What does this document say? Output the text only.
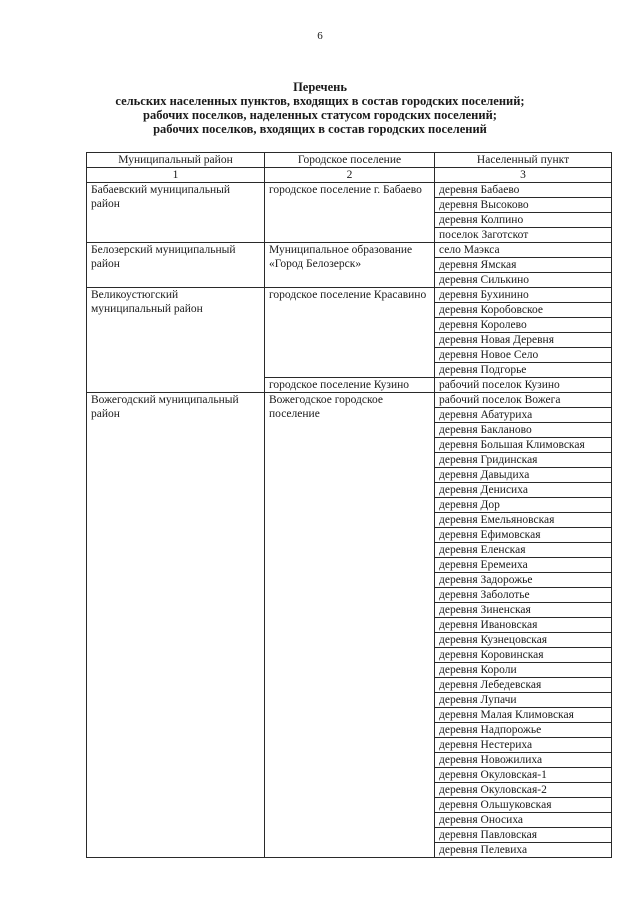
6
Перечень
сельских населенных пунктов, входящих в состав городских поселений;
рабочих поселков, наделенных статусом городских поселений;
рабочих поселков, входящих в состав городских поселений
Муниципальный район	Городское поселение	Населенный пункт
1	2	3
Бабаевский муниципальный район	городское поселение г. Бабаево	деревня Бабаево
		деревня Высоково
		деревня Колпино
		поселок Заготскот
Белозерский муниципальный район	Муниципальное образование «Город Белозерск»	село Маэкса
		деревня Ямская
		деревня Силькино
Великоустюгский муниципальный район	городское поселение Красавино	деревня Бухинино
		деревня Коробовское
		деревня Королево
		деревня Новая Деревня
		деревня Новое Село
		деревня Подгорье
	городское поселение Кузино	рабочий поселок Кузино
Вожегодский муниципальный район	Вожегодское городское поселение	рабочий поселок Вожега
		деревня Абатуриха
		деревня Бакланово
		деревня Большая Климовская
		деревня Гридинская
		деревня Давыдиха
		деревня Денисиха
		деревня Дор
		деревня Емельяновская
		деревня Ефимовская
		деревня Еленская
		деревня Еремеиха
		деревня Задорожье
		деревня Заболотье
		деревня Зиненская
		деревня Ивановская
		деревня Кузнецовская
		деревня Коровинская
		деревня Короли
		деревня Лебедевская
		деревня Лупачи
		деревня Малая Климовская
		деревня Надпорожье
		деревня Нестериха
		деревня Новожилиха
		деревня Окуловская-1
		деревня Окуловская-2
		деревня Ольшуковская
		деревня Оносиха
		деревня Павловская
		деревня Пелевиха
